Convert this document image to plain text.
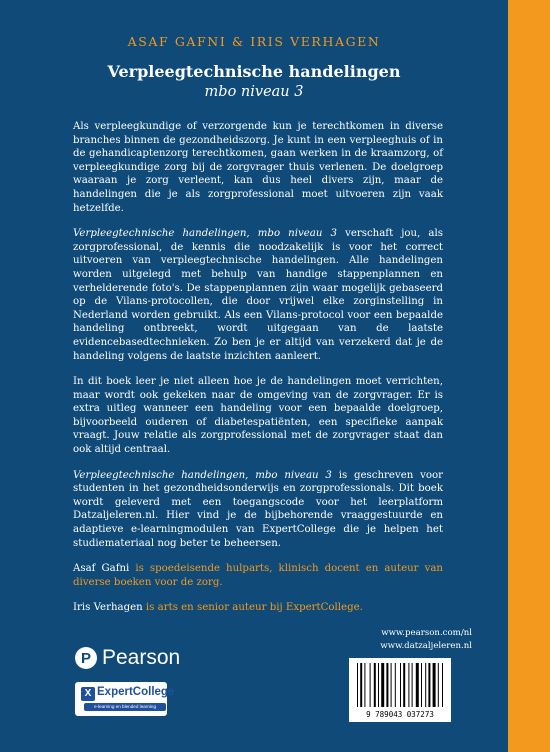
ASAF GAFNI & IRIS VERHAGEN
Verpleegtechnische handelingen
mbo niveau 3

Als verpleegkundige of verzorgende kun je terechtkomen in diverse branches binnen de gezondheidszorg. Je kunt in een verpleeghuis of in de gehandicaptenzorg terechtkomen, gaan werken in de kraamzorg, of verpleegkundige zorg bij de zorgvrager thuis verlenen. De doelgroep waaraan je zorg verleent, kan dus heel divers zijn, maar de handelingen die je als zorgprofessional moet uitvoeren zijn vaak hetzelfde.

Verpleegtechnische handelingen, mbo niveau 3 verschaft jou, als zorgprofessional, de kennis die noodzakelijk is voor het correct uitvoeren van verpleegtechnische handelingen. Alle handelingen worden uitgelegd met behulp van handige stappenplannen en verhelderende foto's. De stappenplannen zijn waar mogelijk gebaseerd op de Vilans-protocollen, die door vrijwel elke zorginstelling in Nederland worden gebruikt. Als een Vilans-protocol voor een bepaalde handeling ontbreekt, wordt uitgegaan van de laatste evidencebasedtechnieken. Zo ben je er altijd van verzekerd dat je de handeling volgens de laatste inzichten aanleert.

In dit boek leer je niet alleen hoe je de handelingen moet verrichten, maar wordt ook gekeken naar de omgeving van de zorgvrager. Er is extra uitleg wanneer een handeling voor een bepaalde doelgroep, bijvoorbeeld ouderen of diabetespatiënten, een specifieke aanpak vraagt. Jouw relatie als zorgprofessional met de zorgvrager staat dan ook altijd centraal.

Verpleegtechnische handelingen, mbo niveau 3 is geschreven voor studenten in het gezondheidsonderwijs en zorgprofessionals. Dit boek wordt geleverd met een toegangscode voor het leerplatform Datzaljeleren.nl. Hier vind je de bijbehorende vraaggestuurde en adaptieve e-learningmodulen van ExpertCollege die je helpen het studiemateriaal nog beter te beheersen.

Asaf Gafni is spoedeisende hulparts, klinisch docent en auteur van diverse boeken voor de zorg.

Iris Verhagen is arts en senior auteur bij ExpertCollege.

www.pearson.com/nl
www.datzaljeleren.nl
P Pearson
X ExpertCollege
e-learning en blended learning
9 789043 037273
